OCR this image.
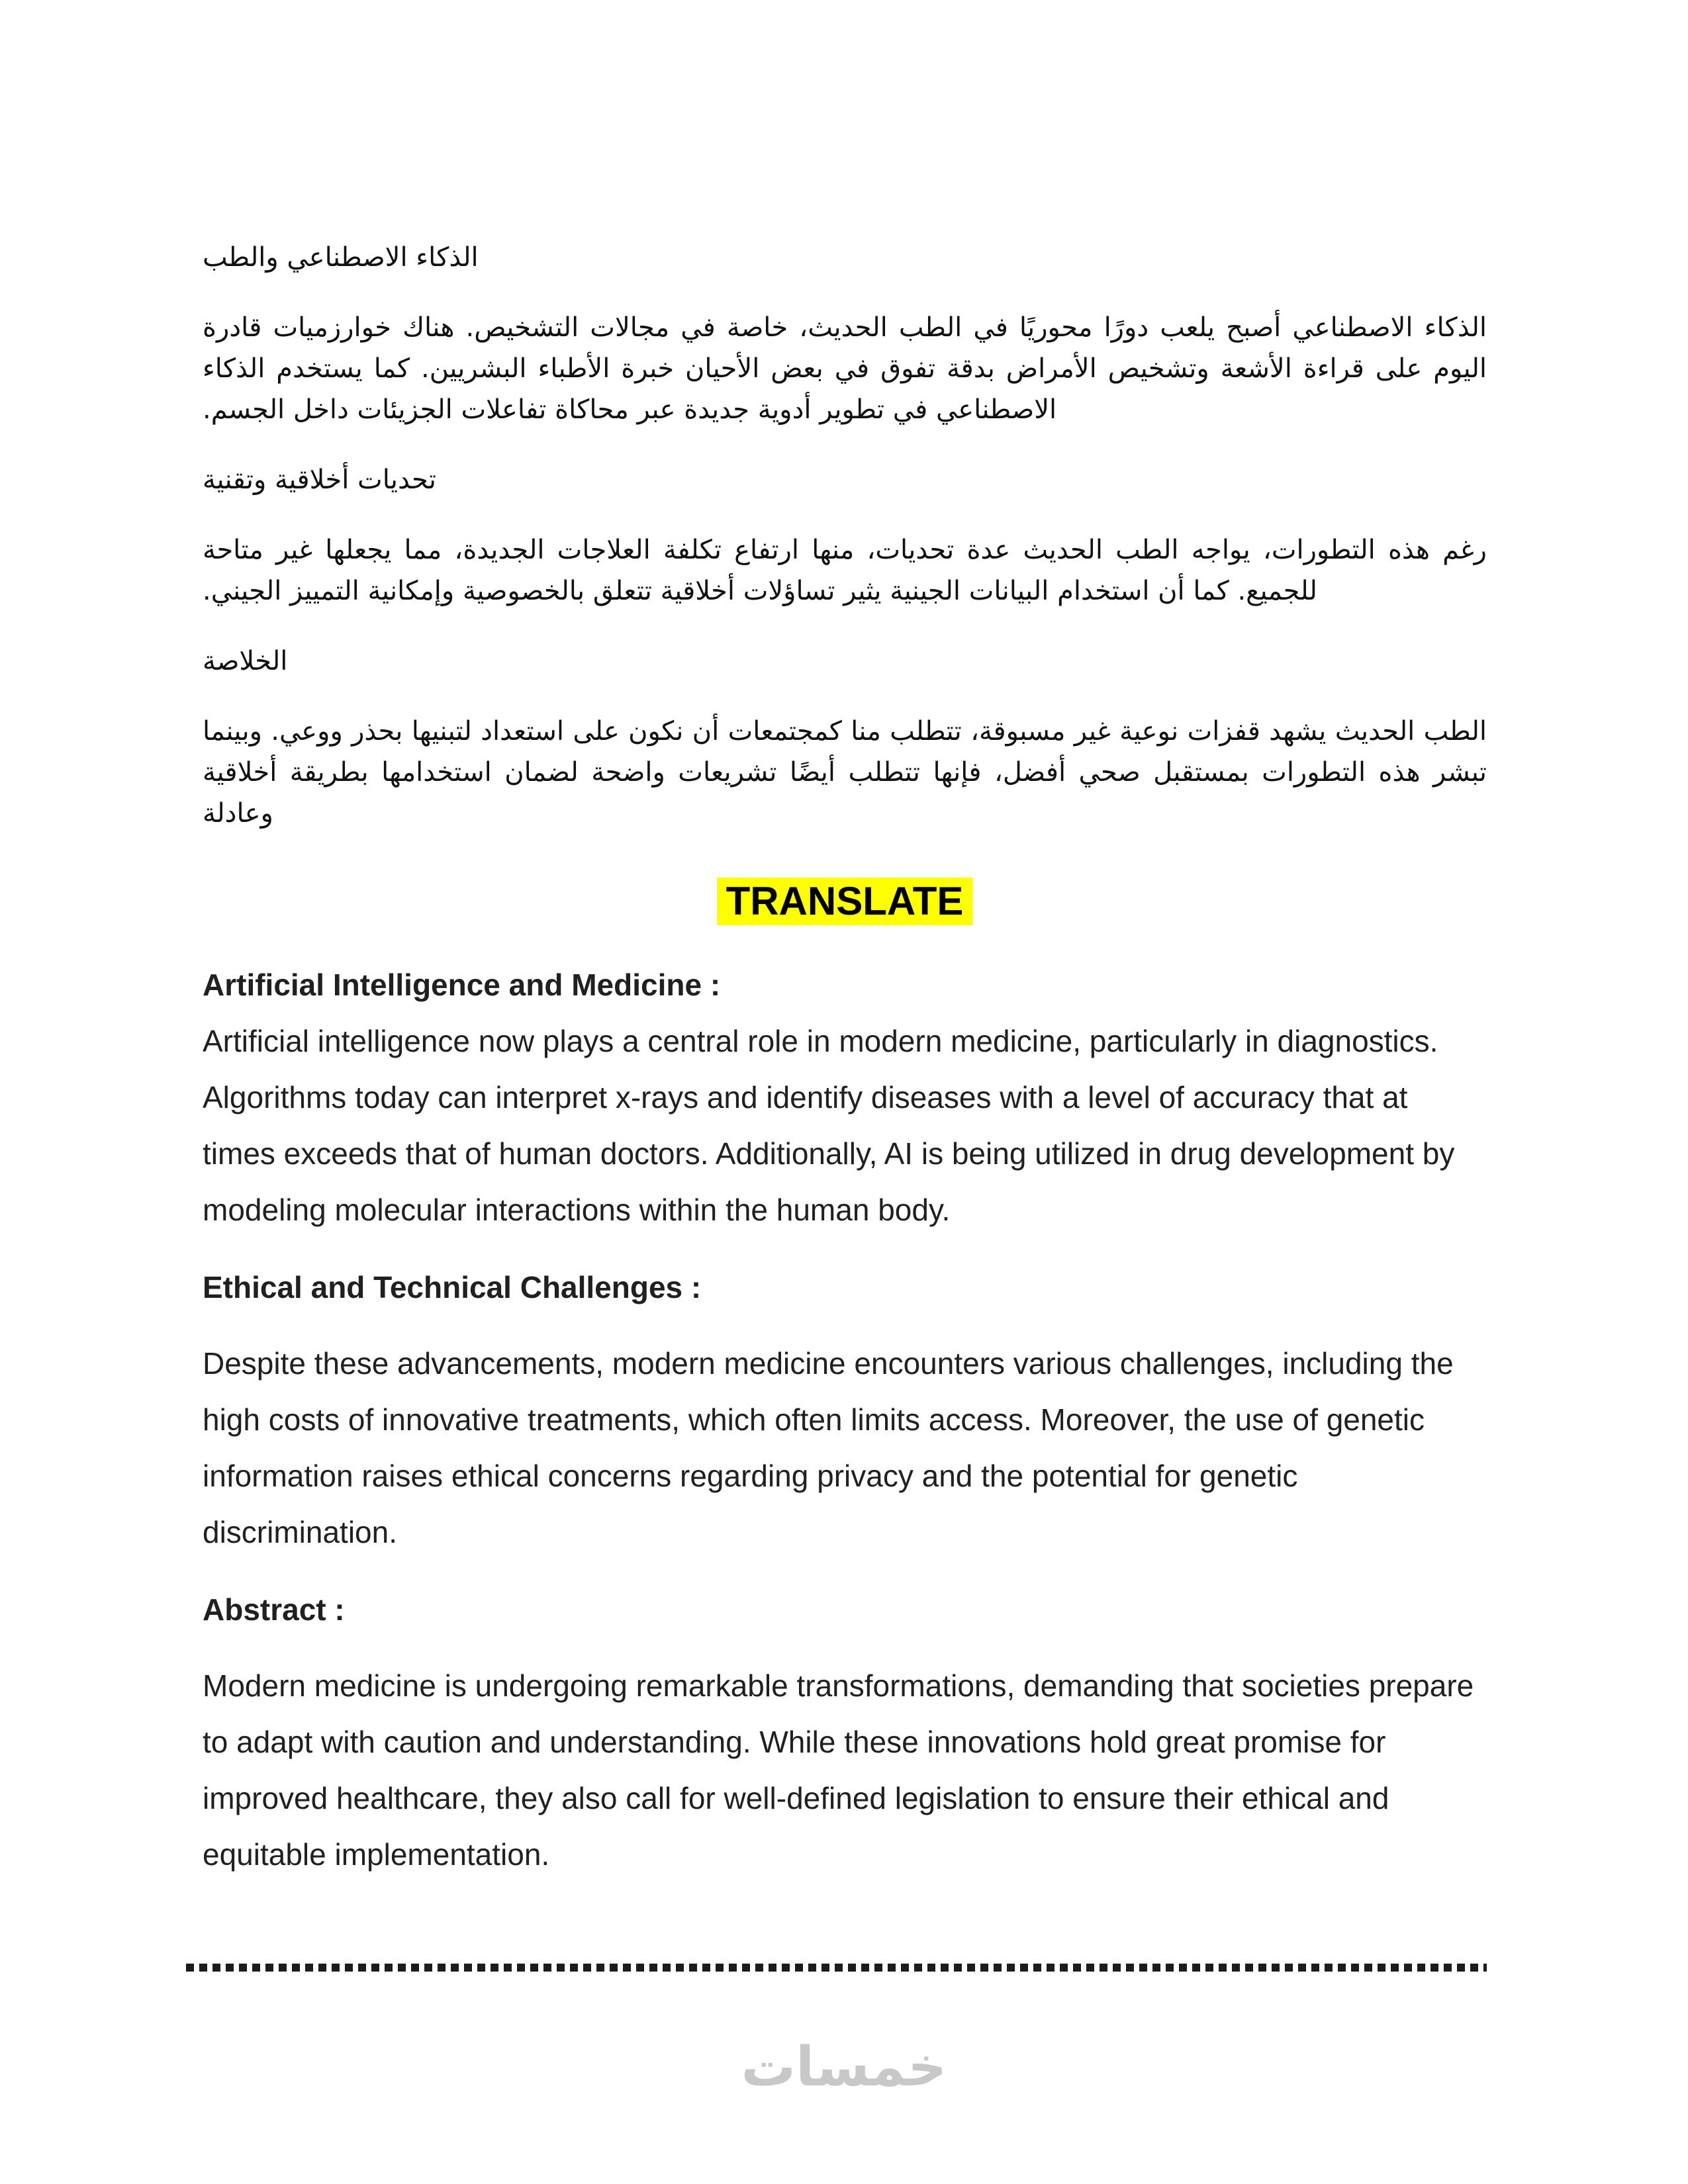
الذكاء الاصطناعي والطب

الذكاء الاصطناعي أصبح يلعب دورًا محوريًا في الطب الحديث، خاصة في مجالات التشخيص. هناك خوارزميات قادرة اليوم على قراءة الأشعة وتشخيص الأمراض بدقة تفوق في بعض الأحيان خبرة الأطباء البشريين. كما يستخدم الذكاء الاصطناعي في تطوير أدوية جديدة عبر محاكاة تفاعلات الجزيئات داخل الجسم.

تحديات أخلاقية وتقنية

رغم هذه التطورات، يواجه الطب الحديث عدة تحديات، منها ارتفاع تكلفة العلاجات الجديدة، مما يجعلها غير متاحة للجميع. كما أن استخدام البيانات الجينية يثير تساؤلات أخلاقية تتعلق بالخصوصية وإمكانية التمييز الجيني.

الخلاصة

الطب الحديث يشهد قفزات نوعية غير مسبوقة، تتطلب منا كمجتمعات أن نكون على استعداد لتبنيها بحذر ووعي. وبينما تبشر هذه التطورات بمستقبل صحي أفضل، فإنها تتطلب أيضًا تشريعات واضحة لضمان استخدامها بطريقة أخلاقية وعادلة

TRANSLATE
Artificial Intelligence and Medicine :

Artificial intelligence now plays a central role in modern medicine, particularly in diagnostics. Algorithms today can interpret x-rays and identify diseases with a level of accuracy that at times exceeds that of human doctors. Additionally, AI is being utilized in drug development by modeling molecular interactions within the human body.

Ethical and Technical Challenges :

Despite these advancements, modern medicine encounters various challenges, including the high costs of innovative treatments, which often limits access. Moreover, the use of genetic information raises ethical concerns regarding privacy and the potential for genetic discrimination.

Abstract :

Modern medicine is undergoing remarkable transformations, demanding that societies prepare to adapt with caution and understanding. While these innovations hold great promise for improved healthcare, they also call for well-defined legislation to ensure their ethical and equitable implementation.

خمسات
